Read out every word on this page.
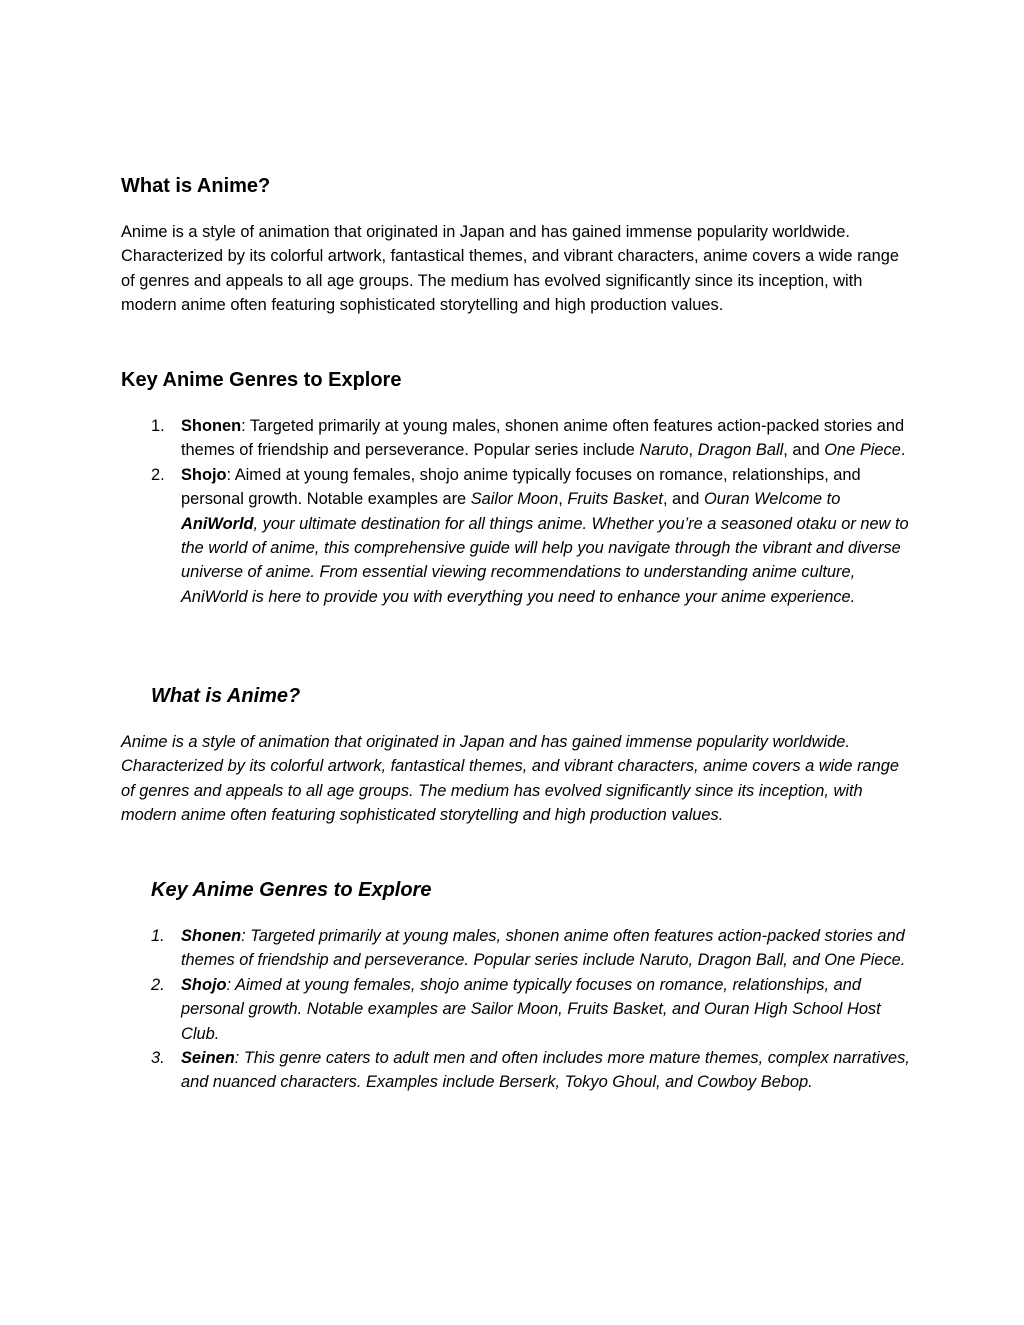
What is Anime?

Anime is a style of animation that originated in Japan and has gained immense popularity worldwide. Characterized by its colorful artwork, fantastical themes, and vibrant characters, anime covers a wide range of genres and appeals to all age groups. The medium has evolved significantly since its inception, with modern anime often featuring sophisticated storytelling and high production values.

Key Anime Genres to Explore
1. Shonen: Targeted primarily at young males, shonen anime often features action-packed stories and themes of friendship and perseverance. Popular series include Naruto, Dragon Ball, and One Piece.
2. Shojo: Aimed at young females, shojo anime typically focuses on romance, relationships, and personal growth. Notable examples are Sailor Moon, Fruits Basket, and Ouran Welcome to AniWorld, your ultimate destination for all things anime. Whether you’re a seasoned otaku or new to the world of anime, this comprehensive guide will help you navigate through the vibrant and diverse universe of anime. From essential viewing recommendations to understanding anime culture, AniWorld is here to provide you with everything you need to enhance your anime experience.
What is Anime?

Anime is a style of animation that originated in Japan and has gained immense popularity worldwide. Characterized by its colorful artwork, fantastical themes, and vibrant characters, anime covers a wide range of genres and appeals to all age groups. The medium has evolved significantly since its inception, with modern anime often featuring sophisticated storytelling and high production values.

Key Anime Genres to Explore
1. Shonen: Targeted primarily at young males, shonen anime often features action-packed stories and themes of friendship and perseverance. Popular series include Naruto, Dragon Ball, and One Piece.
2. Shojo: Aimed at young females, shojo anime typically focuses on romance, relationships, and personal growth. Notable examples are Sailor Moon, Fruits Basket, and Ouran High School Host Club.
3. Seinen: This genre caters to adult men and often includes more mature themes, complex narratives, and nuanced characters. Examples include Berserk, Tokyo Ghoul, and Cowboy Bebop.
